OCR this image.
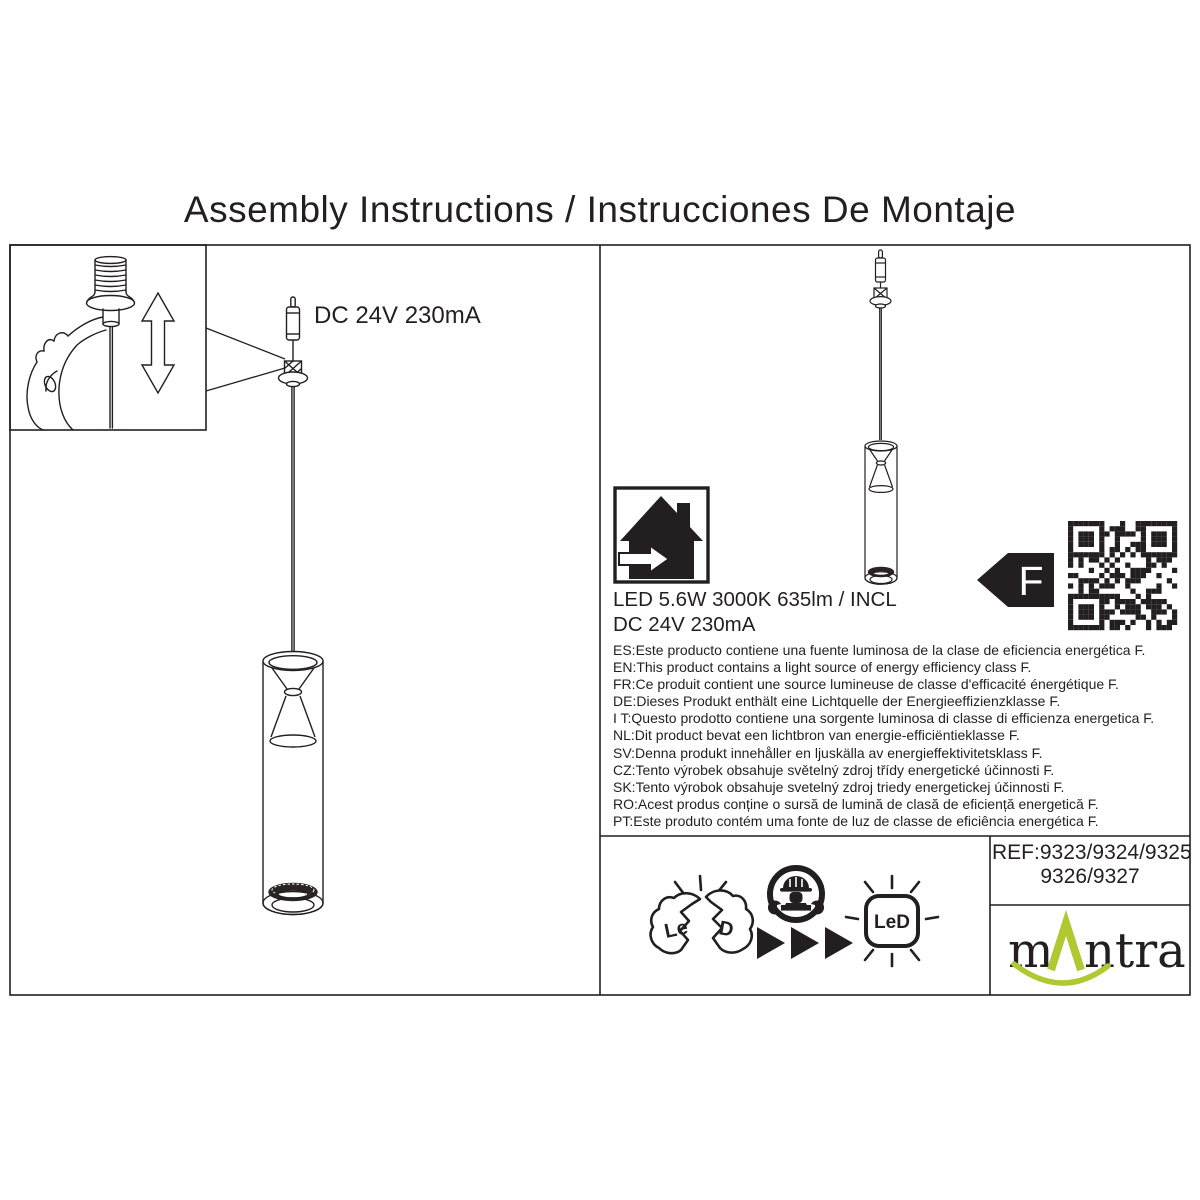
F
Le D	LeD
m ntra
Assembly Instructions / Instrucciones De Montaje
DC 24V 230mA
LED 5.6W 3000K 635lm / INCL
DC 24V 230mA
ES:Este producto contiene una fuente luminosa de la clase de eficiencia energética F.
EN:This product contains a light source of energy efficiency class F.
FR:Ce produit contient une source lumineuse de classe d'efficacité énergétique F.
DE:Dieses Produkt enthält eine Lichtquelle der Energieeffizienzklasse F.
I T:Questo prodotto contiene una sorgente luminosa di classe di efficienza energetica F.
NL:Dit product bevat een lichtbron van energie-efficiëntieklasse F.
SV:Denna produkt innehåller en ljuskälla av energieffektivitetsklass F.
CZ:Tento výrobek obsahuje světelný zdroj třídy energetické účinnosti F.
SK:Tento výrobok obsahuje svetelný zdroj triedy energetickej účinnosti F.
RO:Acest produs conține o sursă de lumină de clasă de eficiență energetică F.
PT:Este produto contém uma fonte de luz de classe de eficiência energética F.
REF:9323/9324/9325
9326/9327
